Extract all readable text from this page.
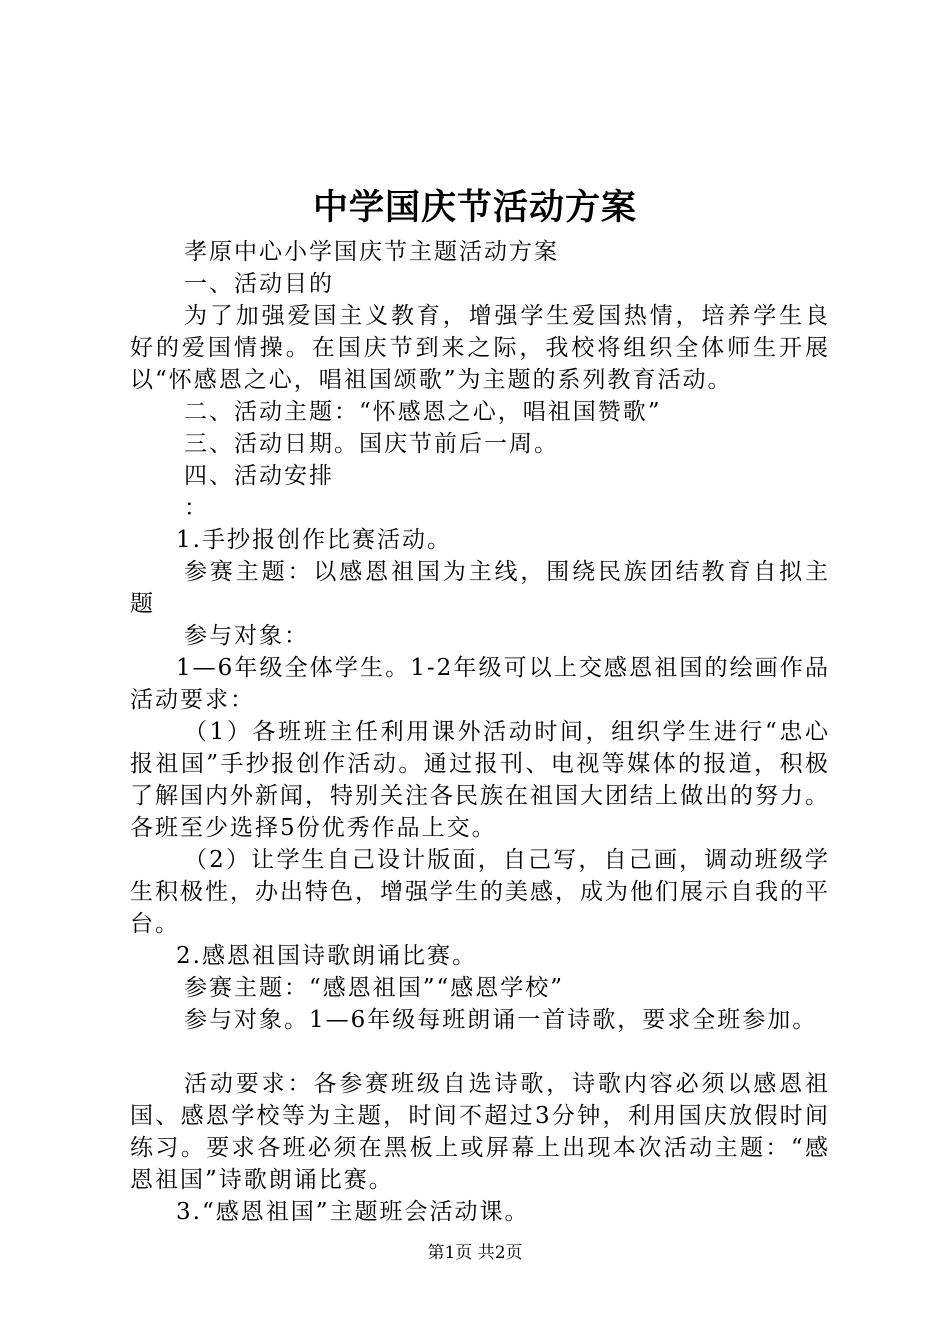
中学国庆节活动方案

孝原中心小学国庆节主题活动方案

一、活动目的

为了加强爱国主义教育，增强学生爱国热情，培养学生良好的爱国情操。在国庆节到来之际，我校将组织全体师生开展以“怀感恩之心，唱祖国颂歌”为主题的系列教育活动。

二、活动主题：“怀感恩之心，唱祖国赞歌”

三、活动日期。国庆节前后一周。

四、活动安排

：

1.手抄报创作比赛活动。

参赛主题：以感恩祖国为主线，围绕民族团结教育自拟主题

参与对象：

1—6年级全体学生。1-2年级可以上交感恩祖国的绘画作品活动要求：

（1）各班班主任利用课外活动时间，组织学生进行“忠心报祖国”手抄报创作活动。通过报刊、电视等媒体的报道，积极了解国内外新闻，特别关注各民族在祖国大团结上做出的努力。各班至少选择5份优秀作品上交。

（2）让学生自己设计版面，自己写，自己画，调动班级学生积极性，办出特色，增强学生的美感，成为他们展示自我的平台。

2.感恩祖国诗歌朗诵比赛。

参赛主题：“感恩祖国”“感恩学校”

参与对象。1—6年级每班朗诵一首诗歌，要求全班参加。

活动要求：各参赛班级自选诗歌，诗歌内容必须以感恩祖国、感恩学校等为主题，时间不超过3分钟，利用国庆放假时间练习。要求各班必须在黑板上或屏幕上出现本次活动主题：“感恩祖国”诗歌朗诵比赛。

3.“感恩祖国”主题班会活动课。

第1页 共2页
